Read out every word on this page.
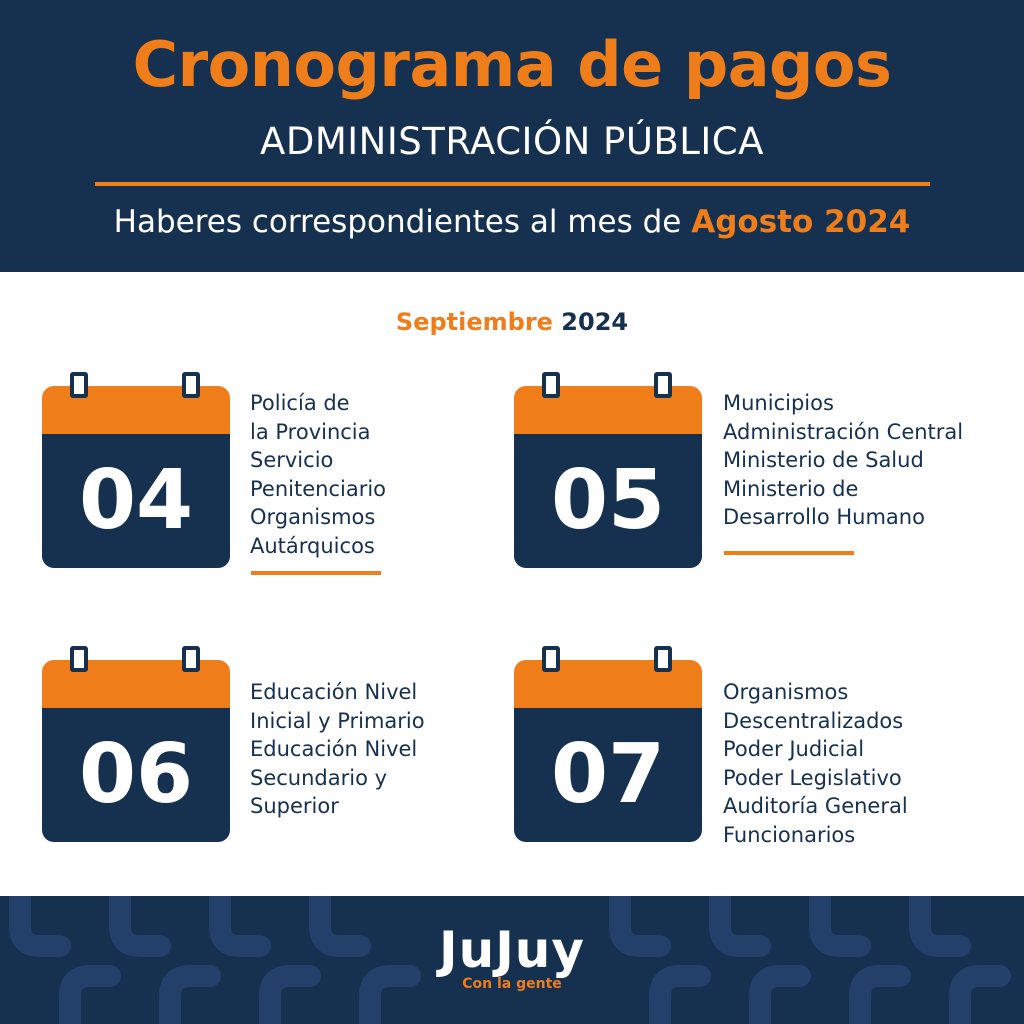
Cronograma de pagos
ADMINISTRACIÓN PÚBLICA
Haberes correspondientes al mes de Agosto 2024
Septiembre 2024
04
Policía de
la Provincia
Servicio
Penitenciario
Organismos
Autárquicos	05
Municipios
Administración Central
Ministerio de Salud
Ministerio de
Desarrollo Humano
06
Educación Nivel
Inicial y Primario
Educación Nivel
Secundario y
Superior	07
Organismos
Descentralizados
Poder Judicial
Poder Legislativo
Auditoría General
Funcionarios
JuJuy
Con la gente
